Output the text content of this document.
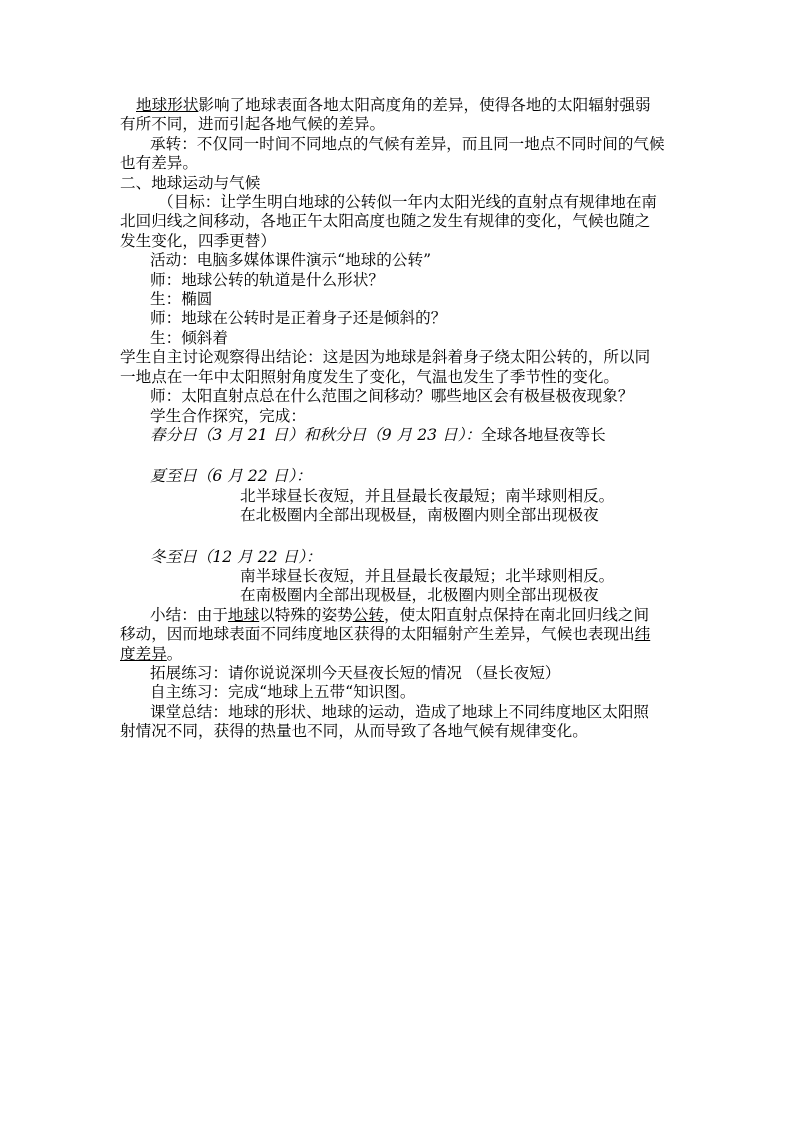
地球形状影响了地球表面各地太阳高度角的差异，使得各地的太阳辐射强弱

有所不同，进而引起各地气候的差异。

承转：不仅同一时间不同地点的气候有差异，而且同一地点不同时间的气候

也有差异。

二、地球运动与气候

（目标：让学生明白地球的公转似一年内太阳光线的直射点有规律地在南

北回归线之间移动，各地正午太阳高度也随之发生有规律的变化，气候也随之

发生变化，四季更替）

活动：电脑多媒体课件演示“地球的公转”

师：地球公转的轨道是什么形状？

生：椭圆

师：地球在公转时是正着身子还是倾斜的？

生：倾斜着

学生自主讨论观察得出结论：这是因为地球是斜着身子绕太阳公转的，所以同

一地点在一年中太阳照射角度发生了变化，气温也发生了季节性的变化。

师：太阳直射点总在什么范围之间移动？哪些地区会有极昼极夜现象？

学生合作探究，完成：

春分日（3 月 21 日）和秋分日（9 月 23 日）：全球各地昼夜等长

夏至日（6 月 22 日）：

北半球昼长夜短，并且昼最长夜最短；南半球则相反。

在北极圈内全部出现极昼，南极圈内则全部出现极夜

冬至日（12 月 22 日）：

南半球昼长夜短，并且昼最长夜最短；北半球则相反。

在南极圈内全部出现极昼，北极圈内则全部出现极夜

小结：由于地球以特殊的姿势公转，使太阳直射点保持在南北回归线之间

移动，因而地球表面不同纬度地区获得的太阳辐射产生差异，气候也表现出纬

度差异。

拓展练习：请你说说深圳今天昼夜长短的情况 （昼长夜短）

自主练习：完成“地球上五带“知识图。

课堂总结：地球的形状、地球的运动，造成了地球上不同纬度地区太阳照

射情况不同，获得的热量也不同，从而导致了各地气候有规律变化。
